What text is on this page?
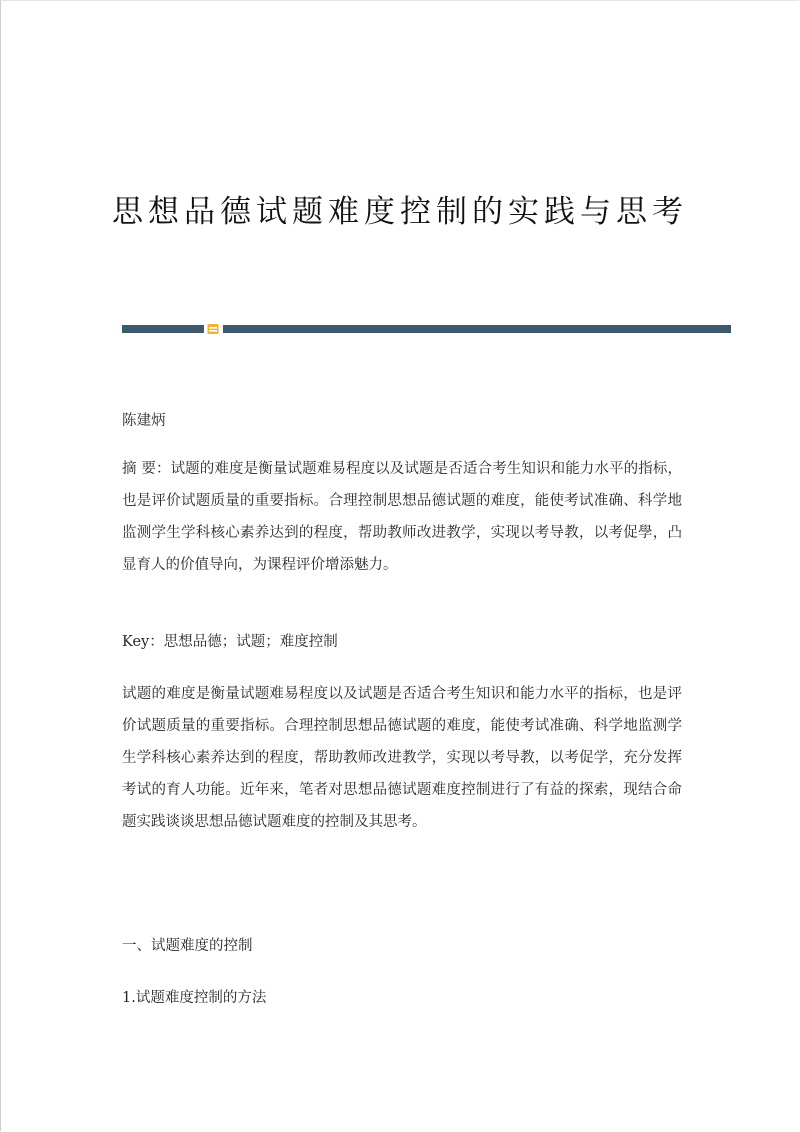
思想品德试题难度控制的实践与思考

陈建炳

摘 要：试题的难度是衡量试题难易程度以及试题是否适合考生知识和能力水平的指标，也是评价试题质量的重要指标。合理控制思想品德试题的难度，能使考试准确、科学地监测学生学科核心素养达到的程度，帮助教师改进教学，实现以考导教，以考促學，凸显育人的价值导向，为课程评价增添魅力。

Key：思想品德；试题；难度控制

试题的难度是衡量试题难易程度以及试题是否适合考生知识和能力水平的指标，也是评价试题质量的重要指标。合理控制思想品德试题的难度，能使考试准确、科学地监测学生学科核心素养达到的程度，帮助教师改进教学，实现以考导教，以考促学，充分发挥考试的育人功能。近年来，笔者对思想品德试题难度控制进行了有益的探索，现结合命题实践谈谈思想品德试题难度的控制及其思考。

一、试题难度的控制

1.试题难度控制的方法
